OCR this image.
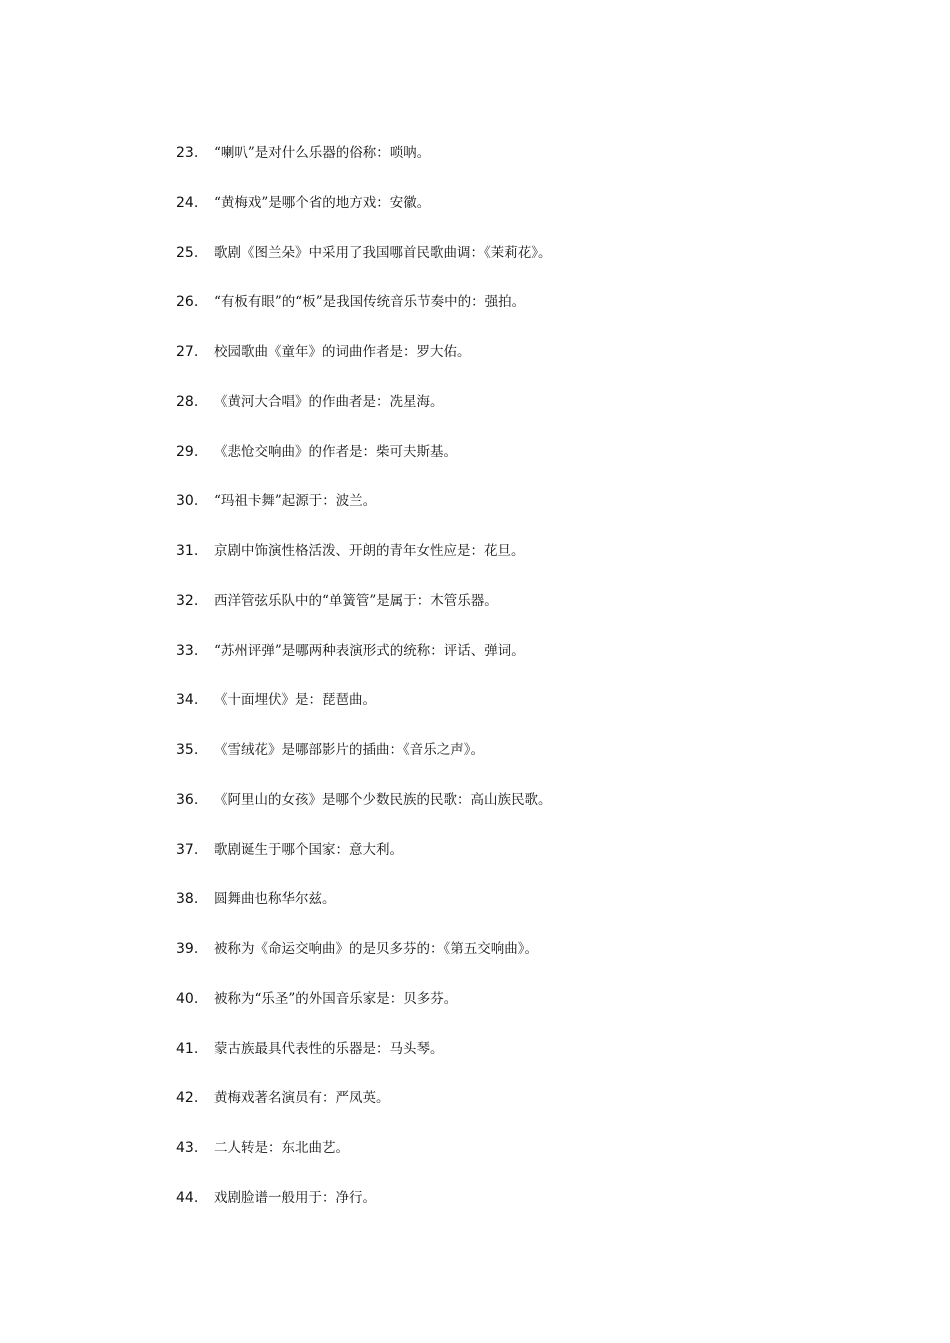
23.	“喇叭”是对什么乐器的俗称：唢呐。
24.	“黄梅戏”是哪个省的地方戏：安徽。
25.	歌剧《图兰朵》中采用了我国哪首民歌曲调：《茉莉花》。
26.	“有板有眼”的“板”是我国传统音乐节奏中的：强拍。
27.	校园歌曲《童年》的词曲作者是：罗大佑。
28.	《黄河大合唱》的作曲者是：冼星海。
29.	《悲怆交响曲》的作者是：柴可夫斯基。
30.	“玛祖卡舞”起源于：波兰。
31.	京剧中饰演性格活泼、开朗的青年女性应是：花旦。
32.	西洋管弦乐队中的“单簧管”是属于：木管乐器。
33.	“苏州评弹”是哪两种表演形式的统称：评话、弹词。
34.	《十面埋伏》是：琵琶曲。
35.	《雪绒花》是哪部影片的插曲：《音乐之声》。
36.	《阿里山的女孩》是哪个少数民族的民歌：高山族民歌。
37.	歌剧诞生于哪个国家：意大利。
38.	圆舞曲也称华尔兹。
39.	被称为《命运交响曲》的是贝多芬的：《第五交响曲》。
40.	被称为“乐圣”的外国音乐家是：贝多芬。
41.	蒙古族最具代表性的乐器是：马头琴。
42.	黄梅戏著名演员有：严凤英。
43.	二人转是：东北曲艺。
44.	戏剧脸谱一般用于：净行。
